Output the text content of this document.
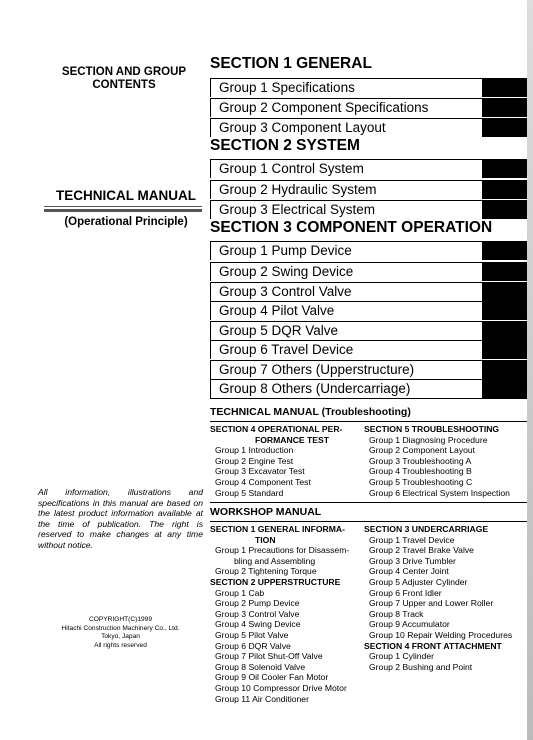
SECTION AND GROUP
CONTENTS
TECHNICAL MANUAL
(Operational Principle)
All information, illustrations and specifications in this manual are based on the latest product information available at the time of publication. The right is reserved to make changes at any time without notice.
COPYRIGHT(C)1999
Hitachi Construction Machinery Co., Ltd.
Tokyo, Japan
All rights reserved
SECTION 1 GENERAL
Group 1 Specifications
Group 2 Component Specifications
Group 3 Component Layout
SECTION 2 SYSTEM
Group 1 Control System
Group 2 Hydraulic System
Group 3 Electrical System
SECTION 3 COMPONENT OPERATION
Group 1 Pump Device
Group 2 Swing Device
Group 3 Control Valve
Group 4 Pilot Valve
Group 5 DQR Valve
Group 6 Travel Device
Group 7 Others (Upperstructure)
Group 8 Others (Undercarriage)
TECHNICAL MANUAL (Troubleshooting)
SECTION 4 OPERATIONAL PER-
FORMANCE TEST
Group 1 Introduction
Group 2 Engine Test
Group 3 Excavator Test
Group 4 Component Test
Group 5 Standard
SECTION 5 TROUBLESHOOTING
Group 1 Diagnosing Procedure
Group 2 Component Layout
Group 3 Troubleshooting A
Group 4 Troubleshooting B
Group 5 Troubleshooting C
Group 6 Electrical System Inspection
WORKSHOP MANUAL
SECTION 1 GENERAL INFORMA-
TION
Group 1 Precautions for Disassem-
bling and Assembling
Group 2 Tightening Torque
SECTION 2 UPPERSTRUCTURE
Group 1 Cab
Group 2 Pump Device
Group 3 Control Valve
Group 4 Swing Device
Group 5 Pilot Valve
Group 6 DQR Valve
Group 7 Pilot Shut-Off Valve
Group 8 Solenoid Valve
Group 9 Oil Cooler Fan Motor
Group 10 Compressor Drive Motor
Group 11 Air Conditioner
SECTION 3 UNDERCARRIAGE
Group 1 Travel Device
Group 2 Travel Brake Valve
Group 3 Drive Tumbler
Group 4 Center Joint
Group 5 Adjuster Cylinder
Group 6 Front Idler
Group 7 Upper and Lower Roller
Group 8 Track
Group 9 Accumulator
Group 10 Repair Welding Procedures
SECTION 4 FRONT ATTACHMENT
Group 1 Cylinder
Group 2 Bushing and Point
